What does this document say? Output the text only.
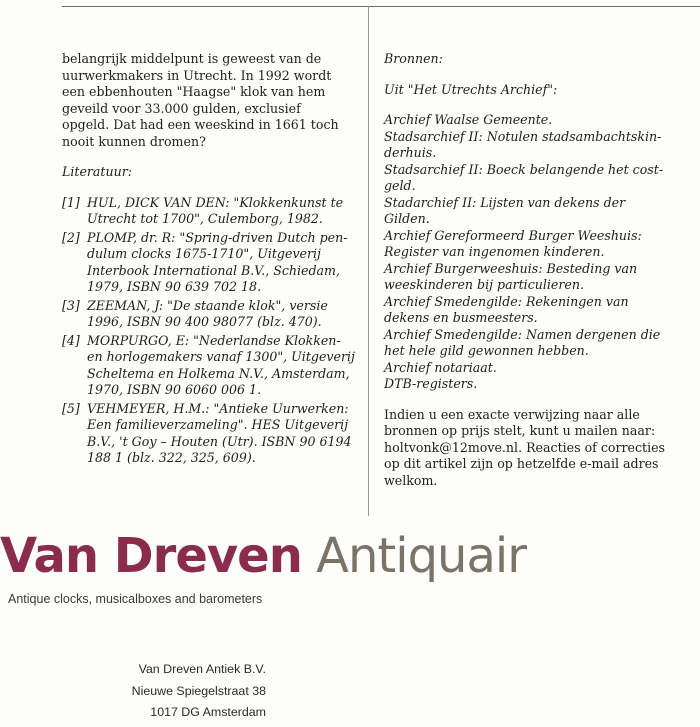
belangrijk middelpunt is geweest van de
uurwerkmakers in Utrecht. In 1992 wordt
een ebbenhouten "Haagse" klok van hem
geveild voor 33.000 gulden, exclusief
opgeld. Dat had een weeskind in 1661 toch
nooit kunnen dromen?
Literatuur:
[1] HUL, DICK VAN DEN: "Klokkenkunst te
Utrecht tot 1700", Culemborg, 1982.
[2] PLOMP, dr. R: "Spring-driven Dutch pen-
dulum clocks 1675-1710", Uitgeverij
Interbook International B.V., Schiedam,
1979, ISBN 90 639 702 18.
[3] ZEEMAN, J: "De staande klok", versie
1996, ISBN 90 400 98077 (blz. 470).
[4] MORPURGO, E: "Nederlandse Klokken-
en horlogemakers vanaf 1300", Uitgeverij
Scheltema en Holkema N.V., Amsterdam,
1970, ISBN 90 6060 006 1.
[5] VEHMEYER, H.M.: "Antieke Uurwerken:
Een familieverzameling". HES Uitgeverij
B.V., 't Goy – Houten (Utr). ISBN 90 6194
188 1 (blz. 322, 325, 609).
Bronnen:
Uit "Het Utrechts Archief":
Archief Waalse Gemeente.
Stadsarchief II: Notulen stadsambachtskin-
derhuis.
Stadsarchief II: Boeck belangende het cost-
geld.
Stadarchief II: Lijsten van dekens der
Gilden.
Archief Gereformeerd Burger Weeshuis:
Register van ingenomen kinderen.
Archief Burgerweeshuis: Besteding van
weeskinderen bij particulieren.
Archief Smedengilde: Rekeningen van
dekens en busmeesters.
Archief Smedengilde: Namen dergenen die
het hele gild gewonnen hebben.
Archief notariaat.
DTB-registers.
Indien u een exacte verwijzing naar alle
bronnen op prijs stelt, kunt u mailen naar:
holtvonk@12move.nl. Reacties of correcties
op dit artikel zijn op hetzelfde e-mail adres
welkom.
Van Dreven Antiquair
Antique clocks, musicalboxes and barometers
Van Dreven Antiek B.V.
Nieuwe Spiegelstraat 38
1017 DG Amsterdam
